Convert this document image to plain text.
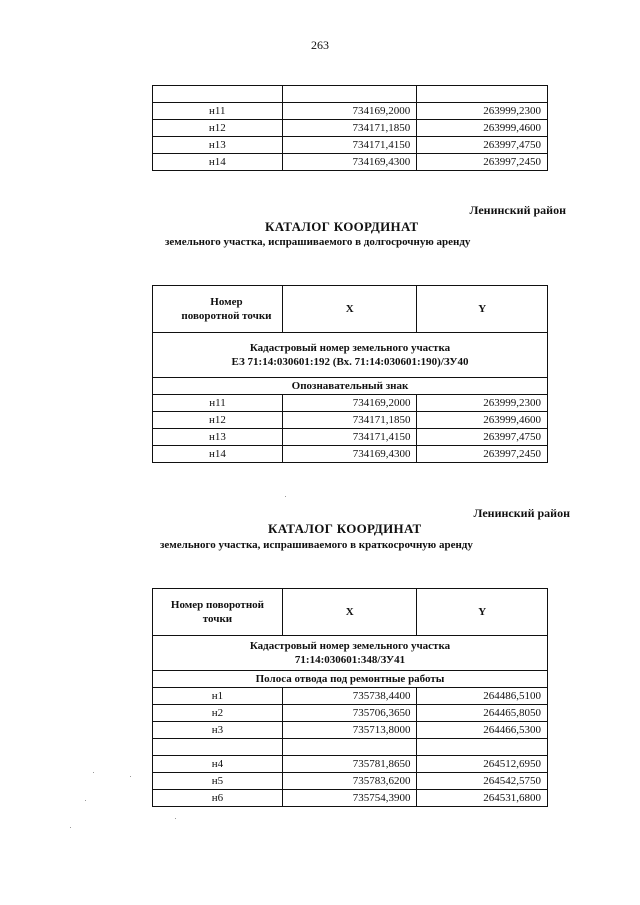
263

н11	734169,2000	263999,2300
н12	734171,1850	263999,4600
н13	734171,4150	263997,4750
н14	734169,4300	263997,2450
Ленинский район
КАТАЛОГ КООРДИНАТ
земельного участка, испрашиваемого в долгосрочную аренду
Номер поворотной точки	X	Y

Кадастровый номер земельного участка
ЕЗ 71:14:030601:192 (Вх. 71:14:030601:190)/ЗУ40		

Опознавательный знак		
н11	734169,2000	263999,2300
н12	734171,1850	263999,4600
н13	734171,4150	263997,4750
н14	734169,4300	263997,2450
Ленинский район
КАТАЛОГ КООРДИНАТ
земельного участка, испрашиваемого в краткосрочную аренду
Номер поворотной точки	X	Y

Кадастровый номер земельного участка
71:14:030601:348/ЗУ41		

Полоса отвода под ремонтные работы		
н1	735738,4400	264486,5100
н2	735706,3650	264465,8050
н3	735713,8000	264466,5300

н4	735781,8650	264512,6950
н5	735783,6200	264542,5750
н6	735754,3900	264531,6800
